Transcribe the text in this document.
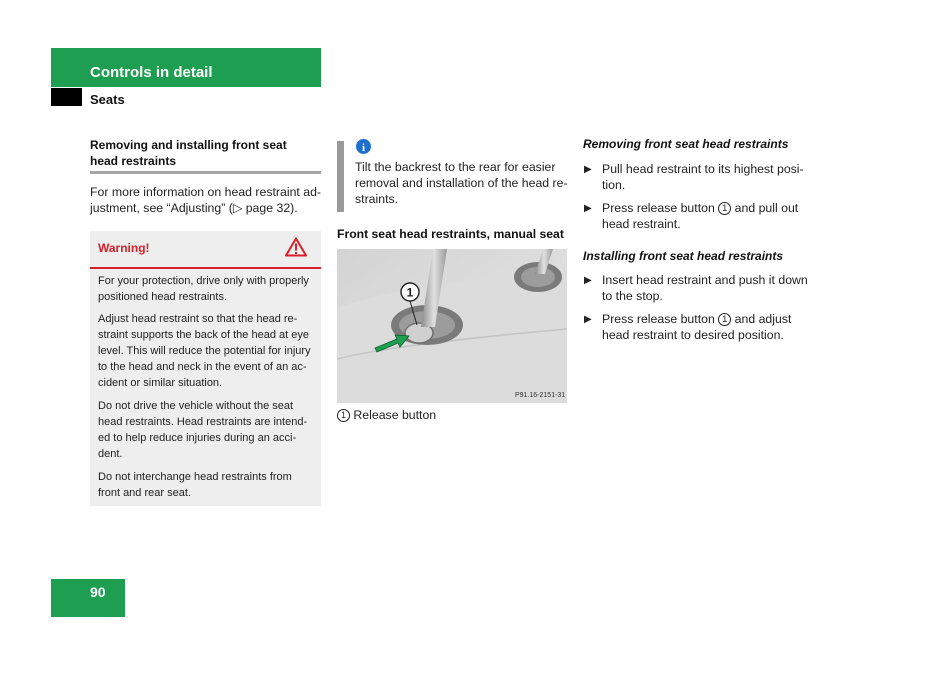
Controls in detail
Seats
Removing and installing front seat
head restraints
For more information on head restraint ad-
justment, see “Adjusting” (▷ page 32).
Warning!
For your protection, drive only with properly
positioned head restraints.
Adjust head restraint so that the head re-
straint supports the back of the head at eye
level. This will reduce the potential for injury
to the head and neck in the event of an ac-
cident or similar situation.
Do not drive the vehicle without the seat
head restraints. Head restraints are intend-
ed to help reduce injuries during an acci-
dent.
Do not interchange head restraints from
front and rear seat.
i
Tilt the backrest to the rear for easier
removal and installation of the head re-
straints.
Front seat head restraints, manual seat
1
P91.16-2151-31
1 Release button
Removing front seat head restraints
▶ Pull head restraint to its highest posi-
tion.
▶ Press release button 1 and pull out
head restraint.
Installing front seat head restraints
▶ Insert head restraint and push it down
to the stop.
▶ Press release button 1 and adjust
head restraint to desired position.
90
